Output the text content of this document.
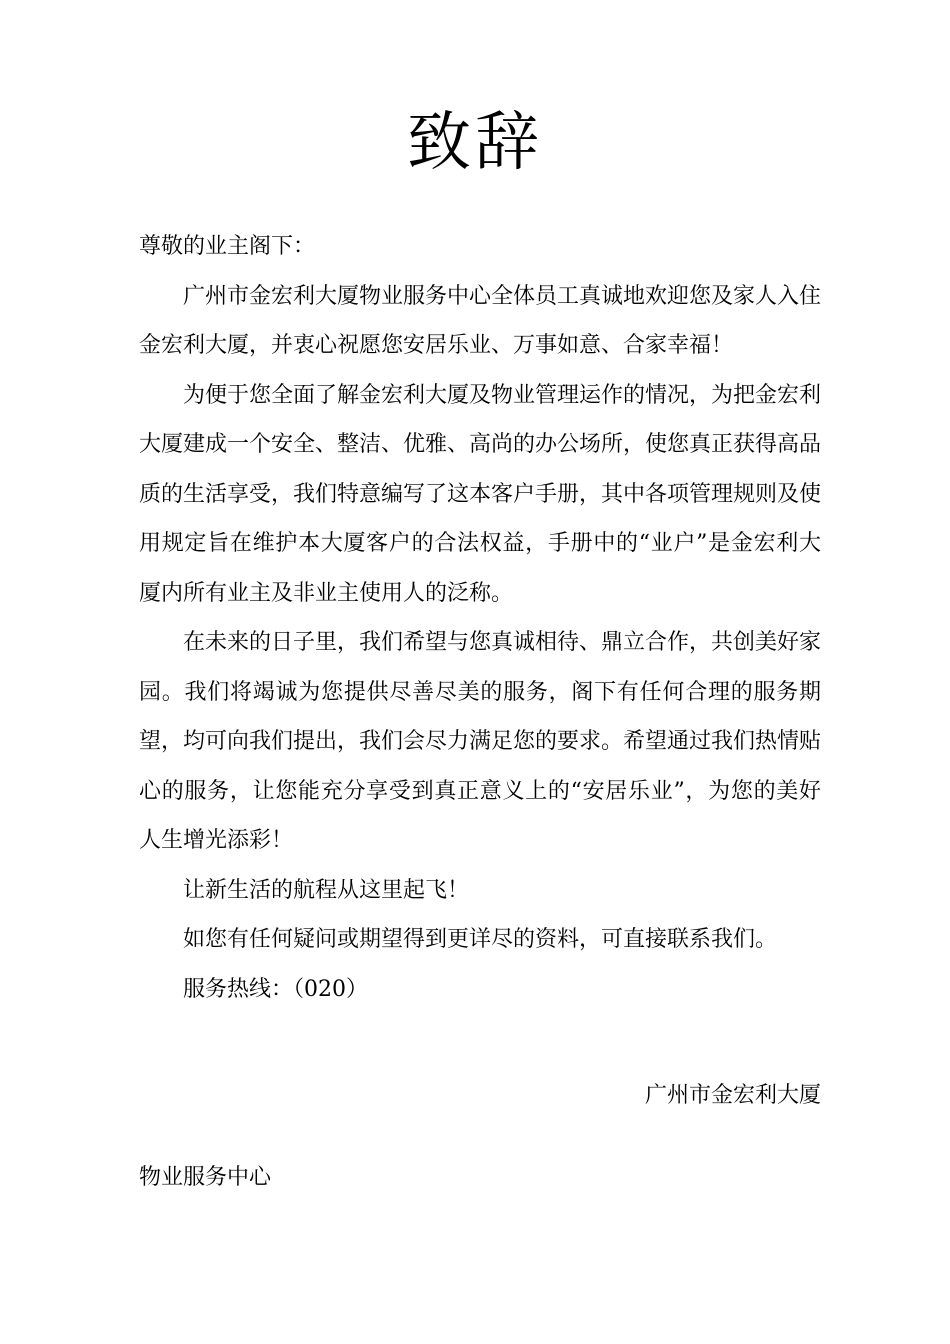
致辞

尊敬的业主阁下：

广州市金宏利大厦物业服务中心全体员工真诚地欢迎您及家人入住金宏利大厦，并衷心祝愿您安居乐业、万事如意、合家幸福！

为便于您全面了解金宏利大厦及物业管理运作的情况，为把金宏利大厦建成一个安全、整洁、优雅、高尚的办公场所，使您真正获得高品质的生活享受，我们特意编写了这本客户手册，其中各项管理规则及使用规定旨在维护本大厦客户的合法权益，手册中的“业户”是金宏利大厦内所有业主及非业主使用人的泛称。

在未来的日子里，我们希望与您真诚相待、鼎立合作，共创美好家园。我们将竭诚为您提供尽善尽美的服务，阁下有任何合理的服务期望，均可向我们提出，我们会尽力满足您的要求。希望通过我们热情贴心的服务，让您能充分享受到真正意义上的“安居乐业”，为您的美好人生增光添彩！

让新生活的航程从这里起飞！

如您有任何疑问或期望得到更详尽的资料，可直接联系我们。

服务热线：（020）

广州市金宏利大厦
物业服务中心
